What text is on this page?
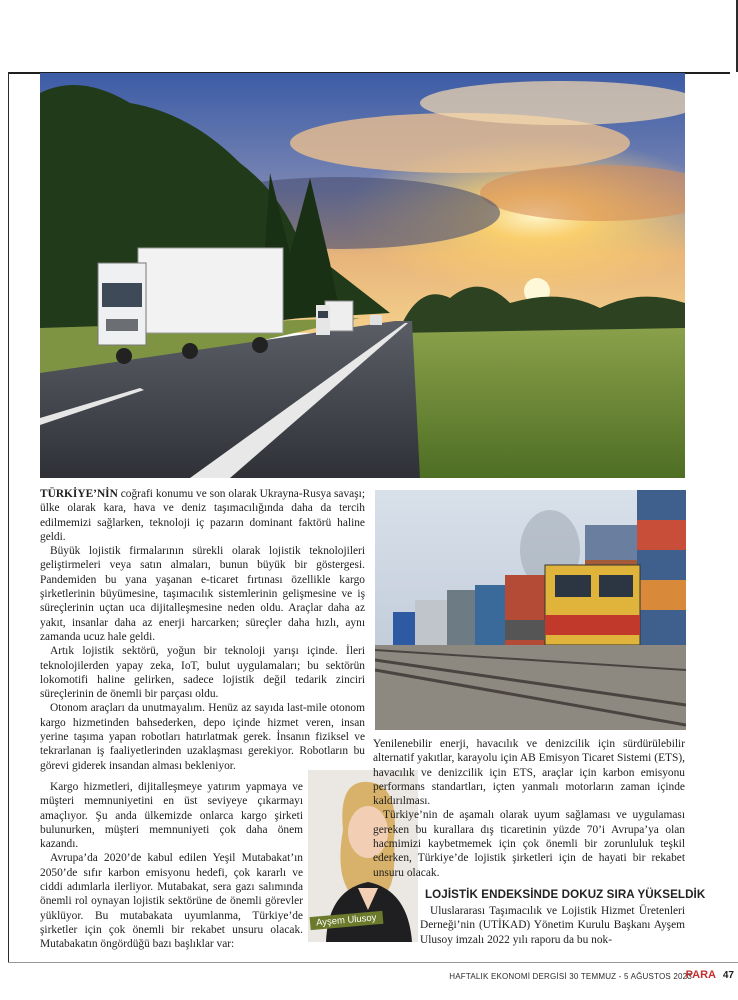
TÜRKİYE’NİN coğrafi konumu ve son olarak Ukrayna-Rusya savaşı; ülke olarak kara, hava ve deniz taşımacılığında daha da tercih edilmemizi sağlarken, teknoloji iç pazarın dominant faktörü haline geldi.

Büyük lojistik firmalarının sürekli olarak lojistik teknolojileri geliştirmeleri veya satın almaları, bunun büyük bir göstergesi. Pandemiden bu yana yaşanan e-ticaret fırtınası özellikle kargo şirketlerinin büyümesine, taşımacılık sistemlerinin gelişmesine ve iş süreçlerinin uçtan uca dijitalleşmesine neden oldu. Araçlar daha az yakıt, insanlar daha az enerji harcarken; süreçler daha hızlı, aynı zamanda ucuz hale geldi.

Artık lojistik sektörü, yoğun bir teknoloji yarışı içinde. İleri teknolojilerden yapay zeka, IoT, bulut uygulamaları; bu sektörün lokomotifi haline gelirken, sadece lojistik değil tedarik zinciri süreçlerinin de önemli bir parçası oldu.

Otonom araçları da unutmayalım. Henüz az sayıda last-mile otonom kargo hizmetinden bahsederken, depo içinde hizmet veren, insan yerine taşıma yapan robotları hatırlatmak gerek. İnsanın fiziksel ve tekrarlanan iş faaliyetlerinden uzaklaşması gerekiyor. Robotların bu görevi giderek insandan alması bekleniyor.

Ayşem Ulusoy

Kargo hizmetleri, dijitalleşmeye yatırım yapmaya ve müşteri memnuniyetini en üst seviyeye çıkarmayı amaçlıyor. Şu anda ülkemizde onlarca kargo şirketi bulunurken, müşteri memnuniyeti çok daha önem kazandı.

Avrupa’da 2020’de kabul edilen Yeşil Mutabakat’ın 2050’de sıfır karbon emisyonu hedefi, çok kararlı ve ciddi adımlarla ilerliyor. Mutabakat, sera gazı salımında önemli rol oynayan lojistik sektörüne de önemli görevler yüklüyor. Bu mutabakata uyumlanma, Türkiye’de şirketler için çok önemli bir rekabet unsuru olacak. Mutabakatın öngördüğü bazı başlıklar var:

Yenilenebilir enerji, havacılık ve denizcilik için sürdürülebilir alternatif yakıtlar, karayolu için AB Emisyon Ticaret Sistemi (ETS), havacılık ve denizcilik için ETS, araçlar için karbon emisyonu performans standartları, içten yanmalı motorların zaman içinde kaldırılması.

Türkiye’nin de aşamalı olarak uyum sağlaması ve uygulaması gereken bu kurallara dış ticaretinin yüzde 70’i Avrupa’ya olan hacmimizi kaybetmemek için çok önemli bir zorunluluk teşkil ederken, Türkiye’de lojistik şirketleri için de hayati bir rekabet unsuru olacak.

LOJİSTİK ENDEKSİNDE DOKUZ SIRA YÜKSELDİK

Uluslararası Taşımacılık ve Lojistik Hizmet Üretenleri Derneği’nin (UTİKAD) Yönetim Kurulu Başkanı Ayşem Ulusoy imzalı 2022 yılı raporu da bu nok-

HAFTALIK EKONOMİ DERGİSİ 30 TEMMUZ - 5 AĞUSTOS 2023
PARA 47
